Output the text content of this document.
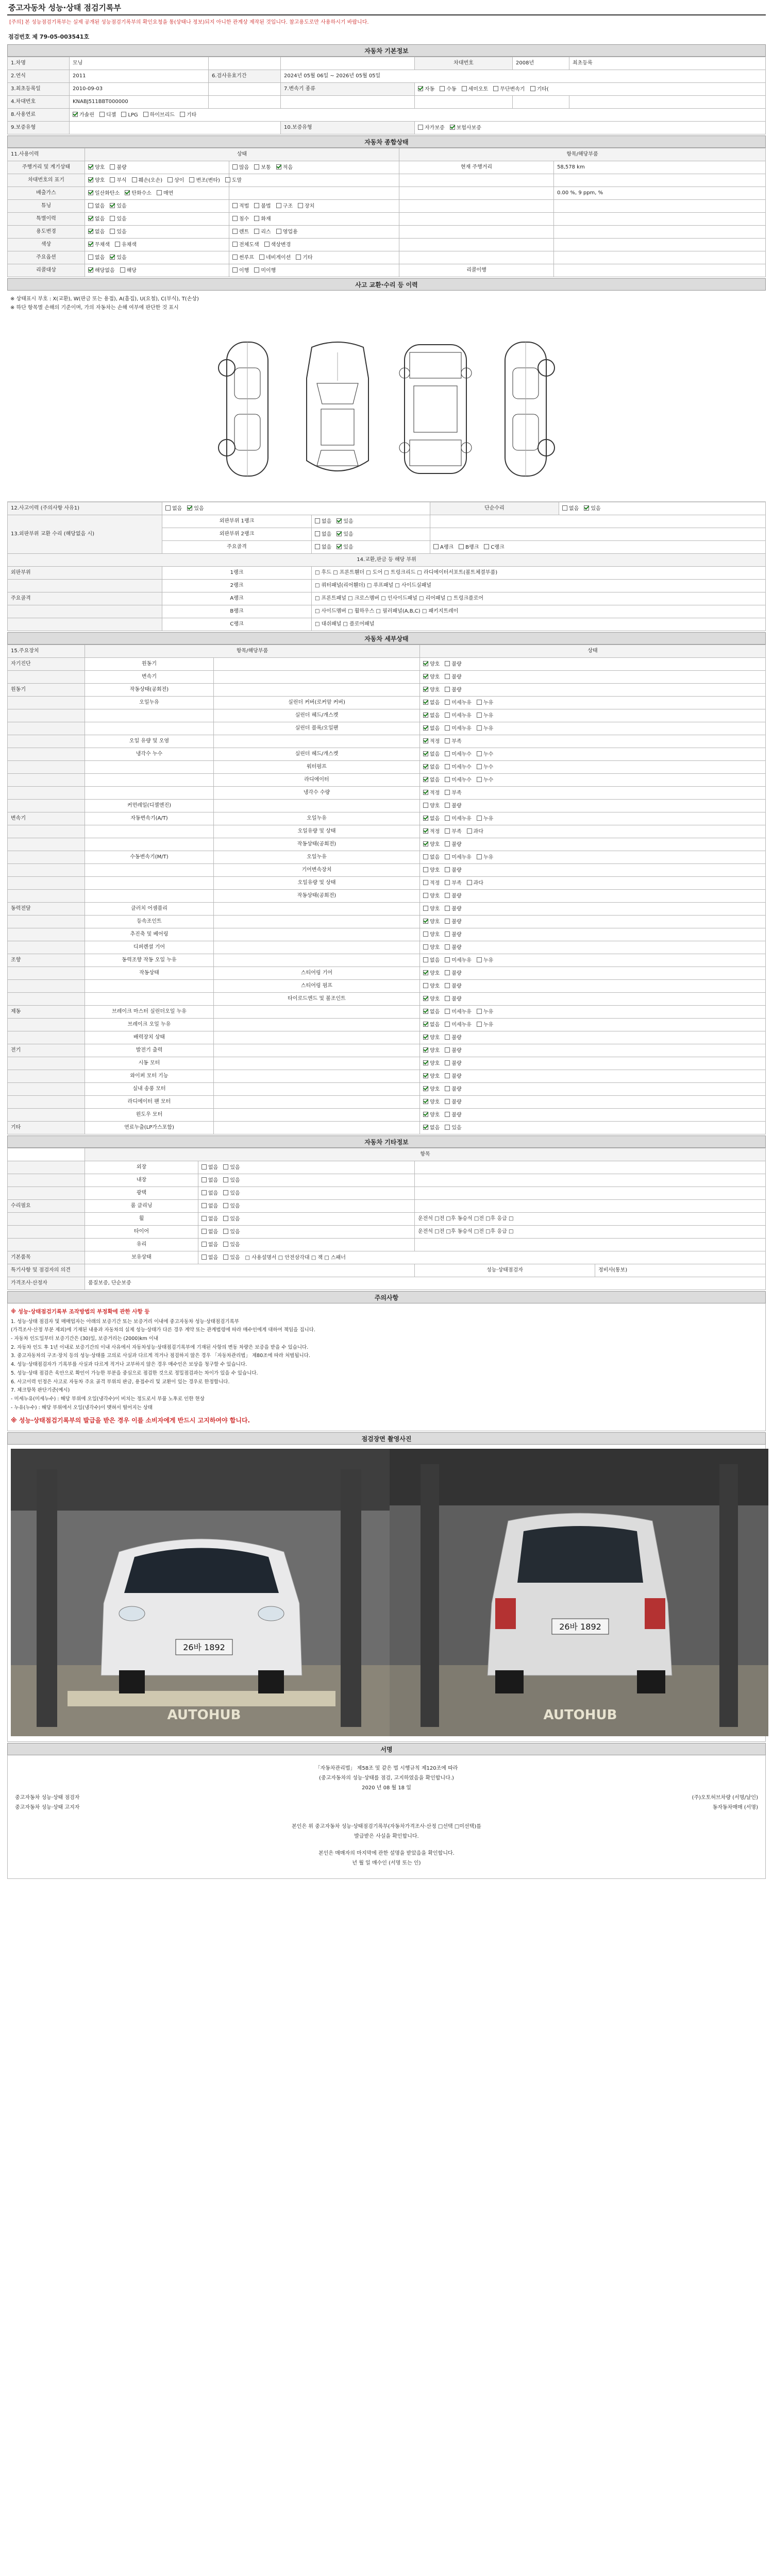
중고자동차 성능·상태 점검기록부
[주의] 본 성능점검기록부는 실제 공개된 성능점검기록부의 확인요청을 통(상태나 정보)되지 아니한 관계상 제작된 것입니다. 참고용도로만 사용하시기 바랍니다.
점검번호 제 79-05-003541호
자동차 기본정보
1.차명	모닝			차대번호	2008년	최초등록
2.연식	2011	6.검사유효기간	2024년 05월 06일 ~ 2026년 05월 05일			
3.최초등록일	2010-09-03		7.변속기 종류	자동 수동 세미오토 무단변속기 기타(		
4.차대번호	KNABJ511BBT000000					
8.사용연료	가솔린 디젤 LPG 하이브리드 기타					
9.보증유형			10.보증유형	자가보증 보험사보증		
자동차 종합상태
11.사용이력	상태		항목/해당부품	
주행거리 및 계기상태	양호 불량	많음 보통 적음	현재 주행거리	58,578 km
차대번호의 표기	양호 부식 훼손(오손) 상이 변조(변타) 도말			
배출가스	일산화탄소 탄화수소 매연			0.00 %, 9 ppm, %
튜닝	없음 있음	적법 불법 구조 장치		
특별이력	없음 있음	침수 화재		
용도변경	없음 있음	렌트 리스 영업용		
색상	무채색 유채색	전체도색 색상변경		
주요옵션	없음 있음	썬루프 네비게이션 기타		
리콜대상	해당없음 해당	이행 미이행	리콜이행	
사고 교환·수리 등 이력
※ 상태표시 부호 : X(교환), W(판금 또는 용접), A(흠집), U(요철), C(부식), T(손상)
※ 하단 항목별 손해의 기준이며, 가의 자동차는 손해 여부에 판단한 것 표시
12.사고이력 (주의사항 사유1)	없음 있음		단순수리	없음 있음
13.외판부위 교환 수리 (해당없음 시)	외판부위 1랭크	없음 있음		
	외판부위 2랭크	없음 있음		
	주요골격	없음 있음	A랭크 B랭크 C랭크	
14.교환,판금 등 해당 부위				
외판부위	1랭크	□ 후드 □ 프론트휀더 □ 도어 □ 트렁크리드 □ 라디에이터서포트(볼트체결부품)		
	2랭크	□ 쿼터패널(리어휀더) □ 루프패널 □ 사이드실패널		
주요골격	A랭크	□ 프론트패널 □ 크로스멤버 □ 인사이드패널 □ 리어패널 □ 트렁크플로어		
	B랭크	□ 사이드멤버 □ 휠하우스 □ 필러패널(A,B,C) □ 패키지트레이		
	C랭크	□ 대쉬패널 □ 플로어패널		
자동차 세부상태
15.주요장치	항목/해당부품		상태
자기진단	원동기		양호 불량
	변속기		양호 불량
원동기	작동상태(공회전)		양호 불량
	오일누유	실린더 커버(로커암 커버)	없음 미세누유 누유
		실린더 헤드/개스켓	없음 미세누유 누유
		실린더 블록/오일팬	없음 미세누유 누유
	오일 유량 및 오염		적정 부족
	냉각수 누수	실린더 헤드/개스켓	없음 미세누수 누수
		워터펌프	없음 미세누수 누수
		라디에이터	없음 미세누수 누수
		냉각수 수량	적정 부족
	커먼레일(디젤엔진)		양호 불량
변속기	자동변속기(A/T)	오일누유	없음 미세누유 누유
		오일유량 및 상태	적정 부족 과다
		작동상태(공회전)	양호 불량
	수동변속기(M/T)	오일누유	없음 미세누유 누유
		기어변속장치	양호 불량
		오일유량 및 상태	적정 부족 과다
		작동상태(공회전)	양호 불량
동력전달	클러치 어셈블리		양호 불량
	등속조인트		양호 불량
	추진축 및 베어링		양호 불량
	디퍼렌셜 기어		양호 불량
조향	동력조향 작동 오일 누유		없음 미세누유 누유
	작동상태	스티어링 기어	양호 불량
		스티어링 펌프	양호 불량
		타이로드엔드 및 볼조인트	양호 불량
제동	브레이크 마스터 실린더오일 누유		없음 미세누유 누유
	브레이크 오일 누유		없음 미세누유 누유
	배력장치 상태		양호 불량
전기	발전기 출력		양호 불량
	시동 모터		양호 불량
	와이퍼 모터 기능		양호 불량
	실내 송풍 모터		양호 불량
	라디에이터 팬 모터		양호 불량
	윈도우 모터		양호 불량
기타	연료누출(LP가스포함)		없음 있음
자동차 기타정보
	항목			
	외장	없음 있음		
	내장	없음 있음		
	광택	없음 있음		
수리필요	룸 클리닝	없음 있음		
	휠	없음 있음	운전석 □전 □후 동승석 □전 □후 응급 □	
	타이어	없음 있음	운전석 □전 □후 동승석 □전 □후 응급 □	
	유리	없음 있음		
기본품목	보유상태	없음 있음 □ 사용설명서 □ 안전삼각대 □ 잭 □ 스패너		
특기사항 및 점검자의 의견			성능·상태점검자	정비사(통보)
가격조사·산정자	품질보증, 단순보증			
주의사항

※ 성능·상태점검기록부 조작방법의 부정확에 관한 사항 등

1. 성능·상태 점검자 및 매매업자는 아래의 보증기간 또는 보증거리 이내에 중고자동차 성능·상태점검기록부

(가격조사·산정 부분 제외)에 기재된 내용과 자동차의 실제 성능·상태가 다른 경우 계약 또는 관계법령에 따라 매수인에게 대하여 책임을 집니다.

- 자동차 인도일부터 보증기간은 (30)일, 보증거리는 (2000)km 이내

2. 자동차 인도 후 1년 이내로 보증기간의 이내 사유에서 자동차성능·상태점검기록부에 기재된 사항의 변동 차량은 보증을 받을 수 있습니다.

3. 중고자동차의 구조·장치 등의 성능·상태를 고의로 사실과 다르게 적거나 점검하지 않은 경우 「자동차관리법」 제80조에 따라 처벌됩니다.

4. 성능·상태점검자가 기록부를 사실과 다르게 적거나 교부하지 않은 경우 매수인은 보상을 청구할 수 있습니다.

5. 성능·상태 점검은 육안으로 확인이 가능한 부분을 중심으로 점검한 것으로 정밀점검과는 차이가 있을 수 있습니다.

6. 사고이력 인정은 사고로 자동차 주요 골격 부위의 판금, 용접수리 및 교환이 있는 경우로 한정합니다.

7. 체크항목 판단기준(예시)

- 미세누유(미세누수) : 해당 부위에 오일(냉각수)이 비치는 정도로서 부품 노후로 인한 현상

- 누유(누수) : 해당 부위에서 오일(냉각수)이 맺혀서 떨어지는 상태

※ 성능·상태점검기록부의 발급을 받은 경우 이를 소비자에게 반드시 고지하여야 합니다.

점검장면 촬영사진
26바 1892
AUTOHUB
26바 1892
AUTOHUB
서명
「자동차관리법」 제58조 및 같은 법 시행규칙 제120조에 따라
(중고자동차의 성능·상태를 점검, 고지하였음을 확인합니다.)
2020 년 08 월 18 일
중고자동차 성능·상태 점검자	(주)오토허브차량 (서명/날인)
중고자동차 성능·상태 고지자	동자동차매매 (서명)
본인은 위 중고자동차 성능·상태점검기록부(자동차가격조사·산정 □선택 □미선택)를
발급받은 사실을 확인합니다.
본인은 매매자의 마지막에 관한 설명을 받았음을 확인합니다.
년 월 일 매수인 (서명 또는 인)
